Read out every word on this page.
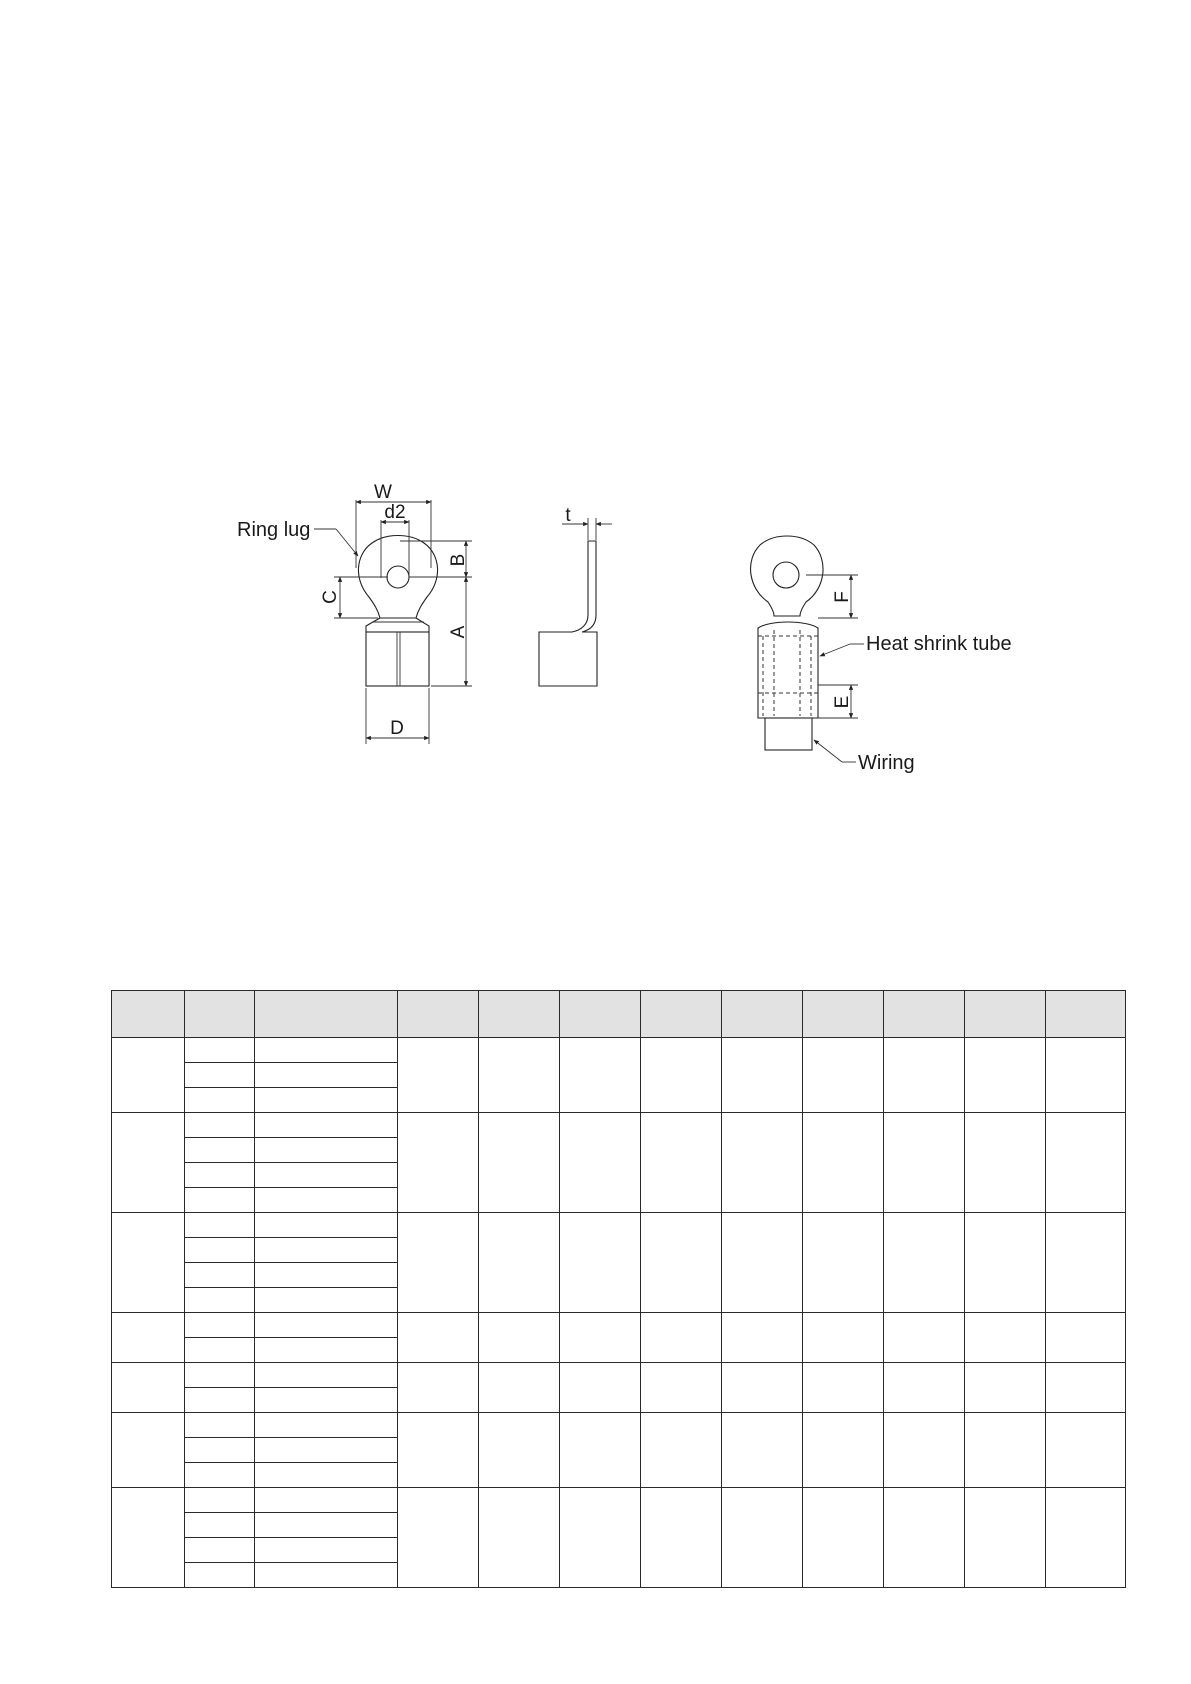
W
d2
B
A
C
D
Ring lug
t
F
E
Heat shrink tube
Wiring
